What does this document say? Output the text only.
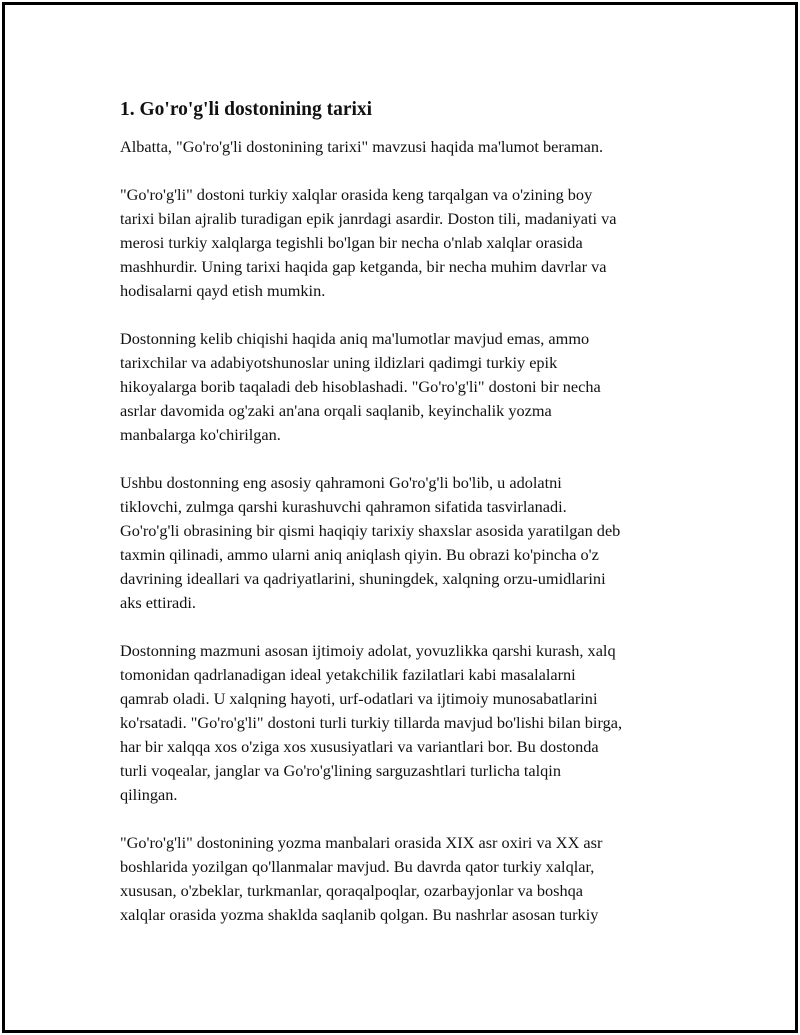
1. Go'ro'g'li dostonining tarixi
Albatta, "Go'ro'g'li dostonining tarixi" mavzusi haqida ma'lumot beraman.
"Go'ro'g'li" dostoni turkiy xalqlar orasida keng tarqalgan va o'zining boy
tarixi bilan ajralib turadigan epik janrdagi asardir. Doston tili, madaniyati va
merosi turkiy xalqlarga tegishli bo'lgan bir necha o'nlab xalqlar orasida
mashhurdir. Uning tarixi haqida gap ketganda, bir necha muhim davrlar va
hodisalarni qayd etish mumkin.
Dostonning kelib chiqishi haqida aniq ma'lumotlar mavjud emas, ammo
tarixchilar va adabiyotshunoslar uning ildizlari qadimgi turkiy epik
hikoyalarga borib taqaladi deb hisoblashadi. "Go'ro'g'li" dostoni bir necha
asrlar davomida og'zaki an'ana orqali saqlanib, keyinchalik yozma
manbalarga ko'chirilgan.
Ushbu dostonning eng asosiy qahramoni Go'ro'g'li bo'lib, u adolatni
tiklovchi, zulmga qarshi kurashuvchi qahramon sifatida tasvirlanadi.
Go'ro'g'li obrasining bir qismi haqiqiy tarixiy shaxslar asosida yaratilgan deb
taxmin qilinadi, ammo ularni aniq aniqlash qiyin. Bu obrazi ko'pincha o'z
davrining ideallari va qadriyatlarini, shuningdek, xalqning orzu-umidlarini
aks ettiradi.
Dostonning mazmuni asosan ijtimoiy adolat, yovuzlikka qarshi kurash, xalq
tomonidan qadrlanadigan ideal yetakchilik fazilatlari kabi masalalarni
qamrab oladi. U xalqning hayoti, urf-odatlari va ijtimoiy munosabatlarini
ko'rsatadi. "Go'ro'g'li" dostoni turli turkiy tillarda mavjud bo'lishi bilan birga,
har bir xalqqa xos o'ziga xos xususiyatlari va variantlari bor. Bu dostonda
turli voqealar, janglar va Go'ro'g'lining sarguzashtlari turlicha talqin
qilingan.
"Go'ro'g'li" dostonining yozma manbalari orasida XIX asr oxiri va XX asr
boshlarida yozilgan qo'llanmalar mavjud. Bu davrda qator turkiy xalqlar,
xususan, o'zbeklar, turkmanlar, qoraqalpoqlar, ozarbayjonlar va boshqa
xalqlar orasida yozma shaklda saqlanib qolgan. Bu nashrlar asosan turkiy
